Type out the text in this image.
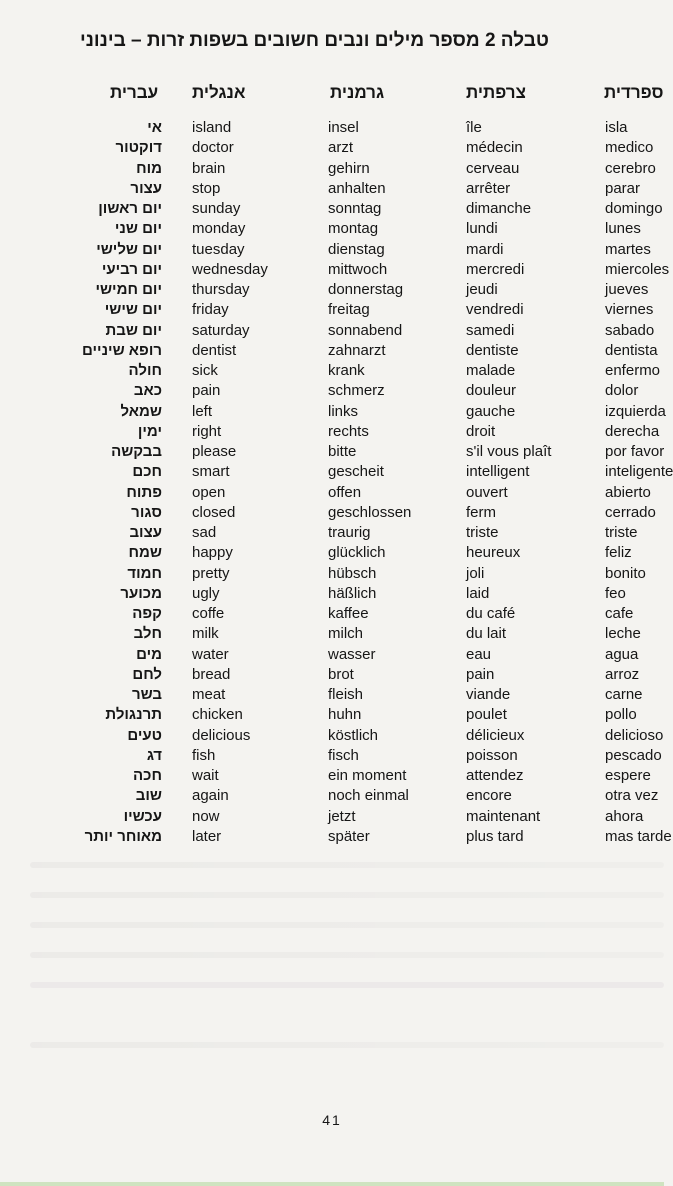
טבלה 2 מספר מילים ונבים חשובים בשפות זרות – בינוני
ספרדית
צרפתית
גרמנית
אנגלית
עברית
אי
דוקטור
מוח
עצור
יום ראשון
יום שני
יום שלישי
יום רביעי
יום חמישי
יום שישי
יום שבת
רופא שיניים
חולה
כאב
שמאל
ימין
בבקשה
חכם
פתוח
סגור
עצוב
שמח
חמוד
מכוער
קפה
חלב
מים
לחם
בשר
תרנגולת
טעים
דג
חכה
שוב
עכשיו
מאוחר יותר
island
doctor
brain
stop
sunday
monday
tuesday
wednesday
thursday
friday
saturday
dentist
sick
pain
left
right
please
smart
open
closed
sad
happy
pretty
ugly
coffe
milk
water
bread
meat
chicken
delicious
fish
wait
again
now
later
insel
arzt
gehirn
anhalten
sonntag
montag
dienstag
mittwoch
donnerstag
freitag
sonnabend
zahnarzt
krank
schmerz
links
rechts
bitte
gescheit
offen
geschlossen
traurig
glücklich
hübsch
häßlich
kaffee
milch
wasser
brot
fleish
huhn
köstlich
fisch
ein moment
noch einmal
jetzt
später
île
médecin
cerveau
arrêter
dimanche
lundi
mardi
mercredi
jeudi
vendredi
samedi
dentiste
malade
douleur
gauche
droit
s'il vous plaît
intelligent
ouvert
ferm
triste
heureux
joli
laid
du café
du lait
eau
pain
viande
poulet
délicieux
poisson
attendez
encore
maintenant
plus tard
isla
medico
cerebro
parar
domingo
lunes
martes
miercoles
jueves
viernes
sabado
dentista
enfermo
dolor
izquierda
derecha
por favor
inteligente
abierto
cerrado
triste
feliz
bonito
feo
cafe
leche
agua
arroz
carne
pollo
delicioso
pescado
espere
otra vez
ahora
mas tarde
41
